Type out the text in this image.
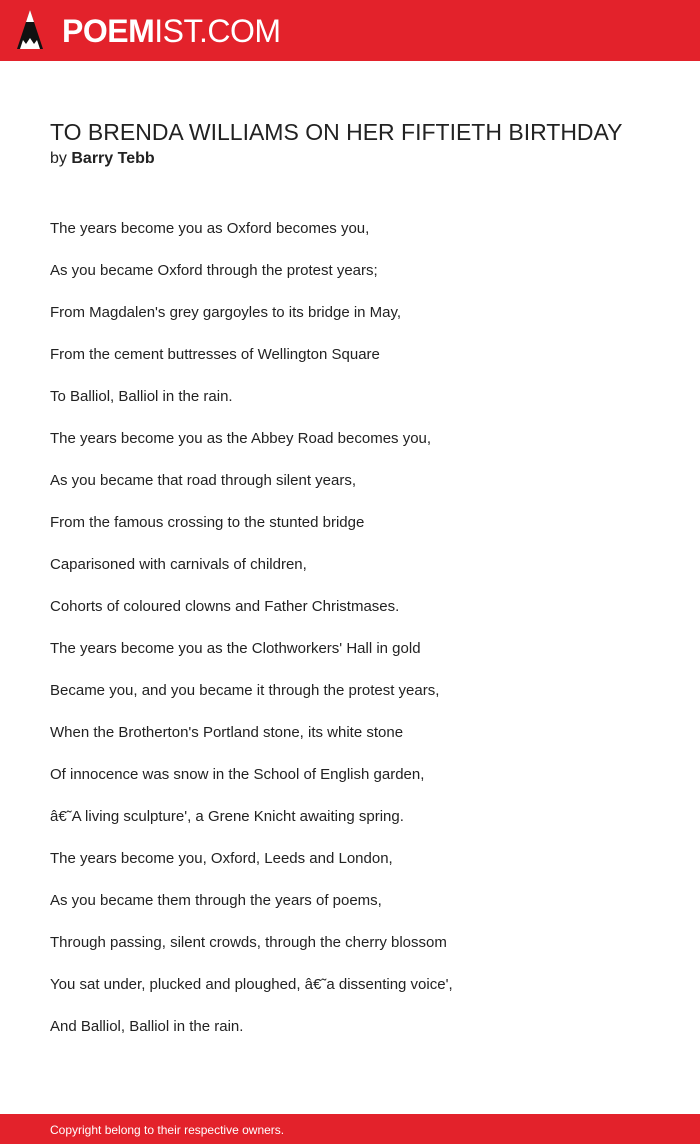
POEMIST.COM
TO BRENDA WILLIAMS ON HER FIFTIETH BIRTHDAY
by Barry Tebb
The years become you as Oxford becomes you,
As you became Oxford through the protest years;
From Magdalen's grey gargoyles to its bridge in May,
From the cement buttresses of Wellington Square
To Balliol, Balliol in the rain.
The years become you as the Abbey Road becomes you,
As you became that road through silent years,
From the famous crossing to the stunted bridge
Caparisoned with carnivals of children,
Cohorts of coloured clowns and Father Christmases.
The years become you as the Clothworkers' Hall in gold
Became you, and you became it through the protest years,
When the Brotherton's Portland stone, its white stone
Of innocence was snow in the School of English garden,
â€˜A living sculpture', a Grene Knicht awaiting spring.
The years become you, Oxford, Leeds and London,
As you became them through the years of poems,
Through passing, silent crowds, through the cherry blossom
You sat under, plucked and ploughed, â€˜a dissenting voice',
And Balliol, Balliol in the rain.
Copyright belong to their respective owners.
